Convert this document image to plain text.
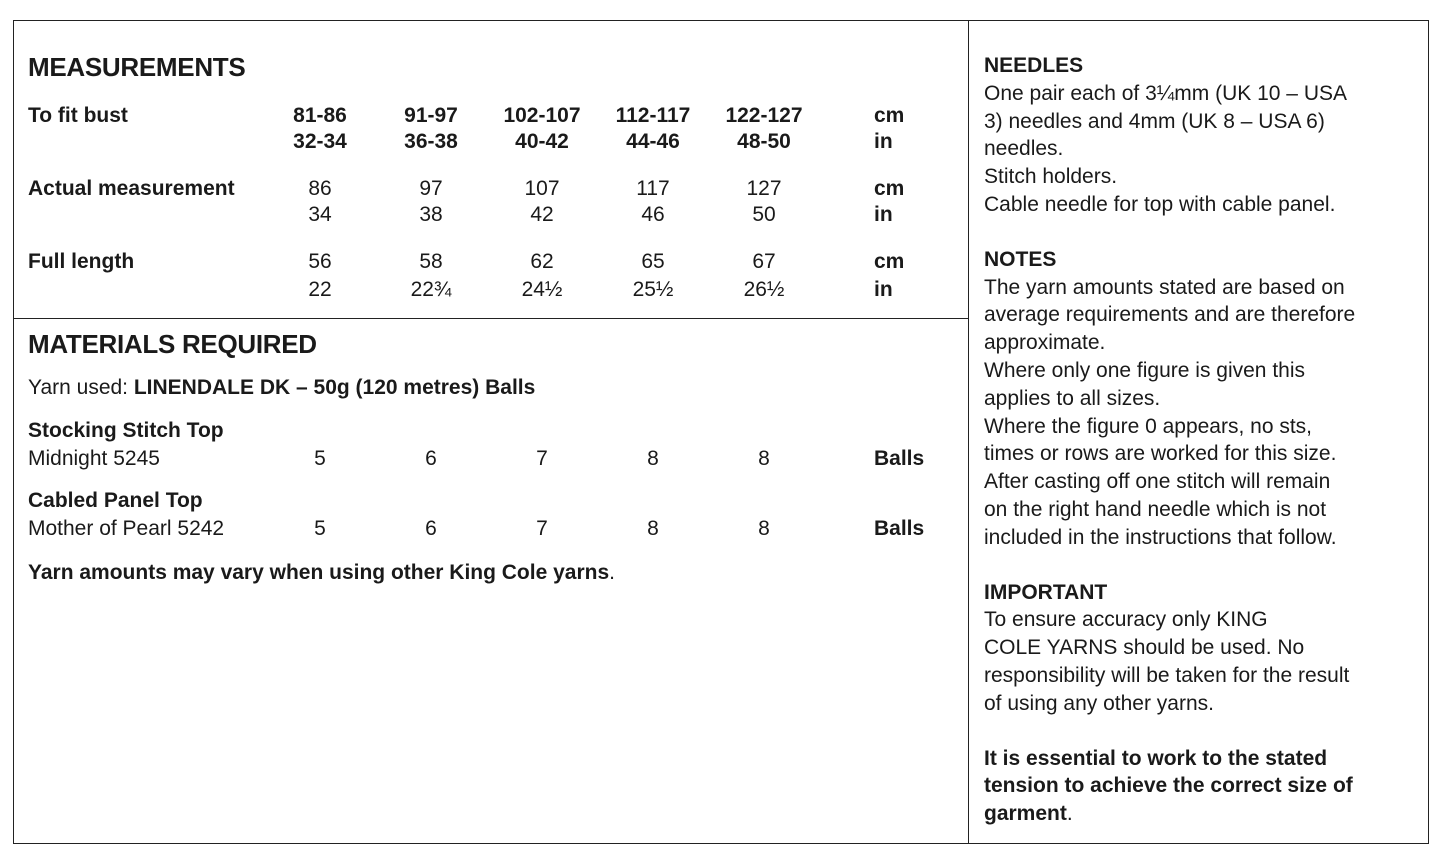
MEASUREMENTS
To fit bust	81-86	91-97	102-107	112-117	122-127	cm
32-34	36-38	40-42	44-46	48-50	in
Actual measurement	86	97	107	117	127	cm
34	38	42	46	50	in
Full length	56	58	62	65	67	cm
22	22¾	24½	25½	26½	in
MATERIALS REQUIRED
Yarn used: LINENDALE DK – 50g (120 metres) Balls
Stocking Stitch Top
Midnight 5245	5	6	7	8	8	Balls
Cabled Panel Top
Mother of Pearl 5242	5	6	7	8	8	Balls
Yarn amounts may vary when using other King Cole yarns.

NEEDLES

One pair each of 3¼mm (UK 10 – USA

3) needles and 4mm (UK 8 – USA 6)

needles.

Stitch holders.

Cable needle for top with cable panel.

NOTES

The yarn amounts stated are based on

average requirements and are therefore

approximate.

Where only one figure is given this

applies to all sizes.

Where the figure 0 appears, no sts,

times or rows are worked for this size.

After casting off one stitch will remain

on the right hand needle which is not

included in the instructions that follow.

IMPORTANT

To ensure accuracy only KING

COLE YARNS should be used. No

responsibility will be taken for the result

of using any other yarns.

It is essential to work to the stated

tension to achieve the correct size of

garment.
